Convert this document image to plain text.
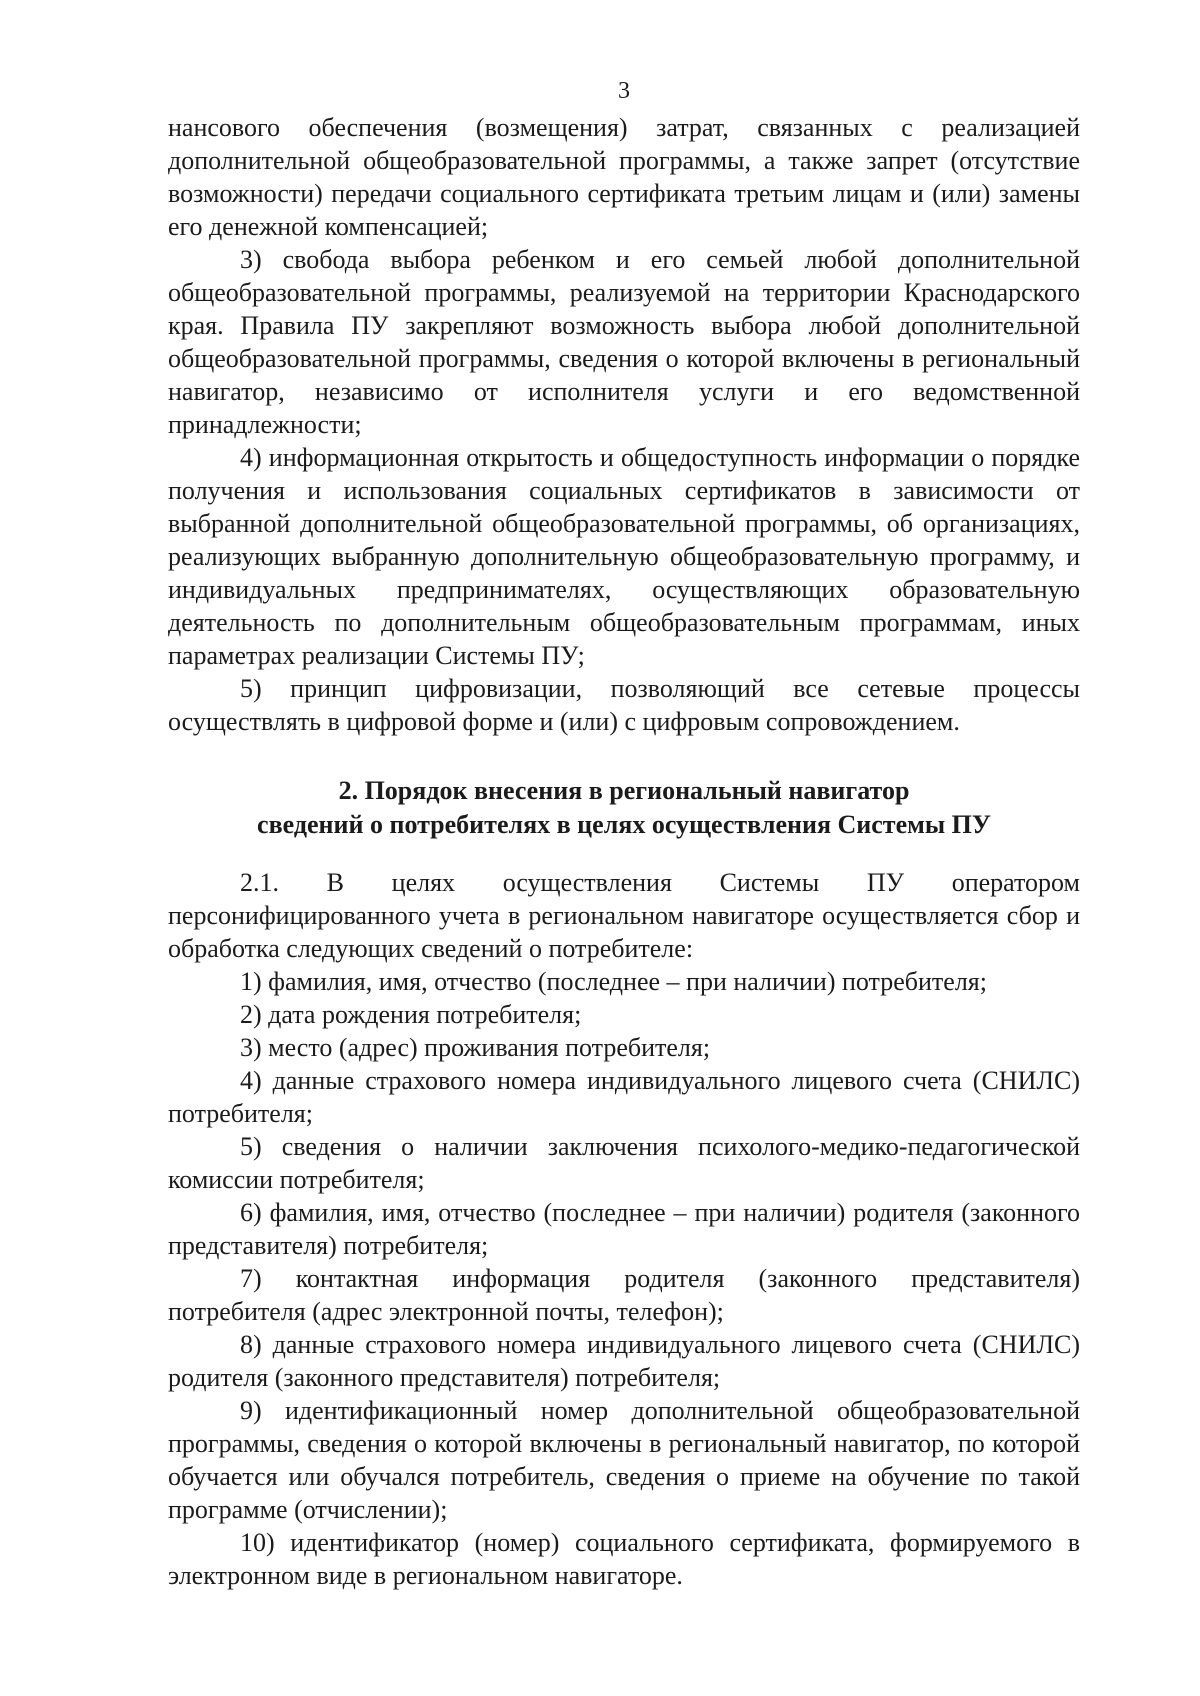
3

нансового обеспечения (возмещения) затрат, связанных с реализацией дополнительной общеобразовательной программы, а также запрет (отсутствие возможности) передачи социального сертификата третьим лицам и (или) замены его денежной компенсацией;

3) свобода выбора ребенком и его семьей любой дополнительной общеобразовательной программы, реализуемой на территории Краснодарского края. Правила ПУ закрепляют возможность выбора любой дополнительной общеобразовательной программы, сведения о которой включены в региональный навигатор, независимо от исполнителя услуги и его ведомственной принадлежности;

4) информационная открытость и общедоступность информации о порядке получения и использования социальных сертификатов в зависимости от выбранной дополнительной общеобразовательной программы, об организациях, реализующих выбранную дополнительную общеобразовательную программу, и индивидуальных предпринимателях, осуществляющих образовательную деятельность по дополнительным общеобразовательным программам, иных параметрах реализации Системы ПУ;

5) принцип цифровизации, позволяющий все сетевые процессы осуществлять в цифровой форме и (или) с цифровым сопровождением.

2. Порядок внесения в региональный навигатор
сведений о потребителях в целях осуществления Системы ПУ

2.1. В целях осуществления Системы ПУ оператором персонифицированного учета в региональном навигаторе осуществляется сбор и обработка следующих сведений о потребителе:

1) фамилия, имя, отчество (последнее – при наличии) потребителя;

2) дата рождения потребителя;

3) место (адрес) проживания потребителя;

4) данные страхового номера индивидуального лицевого счета (СНИЛС) потребителя;

5) сведения о наличии заключения психолого-медико-педагогической комиссии потребителя;

6) фамилия, имя, отчество (последнее – при наличии) родителя (законного представителя) потребителя;

7) контактная информация родителя (законного представителя) потребителя (адрес электронной почты, телефон);

8) данные страхового номера индивидуального лицевого счета (СНИЛС) родителя (законного представителя) потребителя;

9) идентификационный номер дополнительной общеобразовательной программы, сведения о которой включены в региональный навигатор, по которой обучается или обучался потребитель, сведения о приеме на обучение по такой программе (отчислении);

10) идентификатор (номер) социального сертификата, формируемого в электронном виде в региональном навигаторе.
